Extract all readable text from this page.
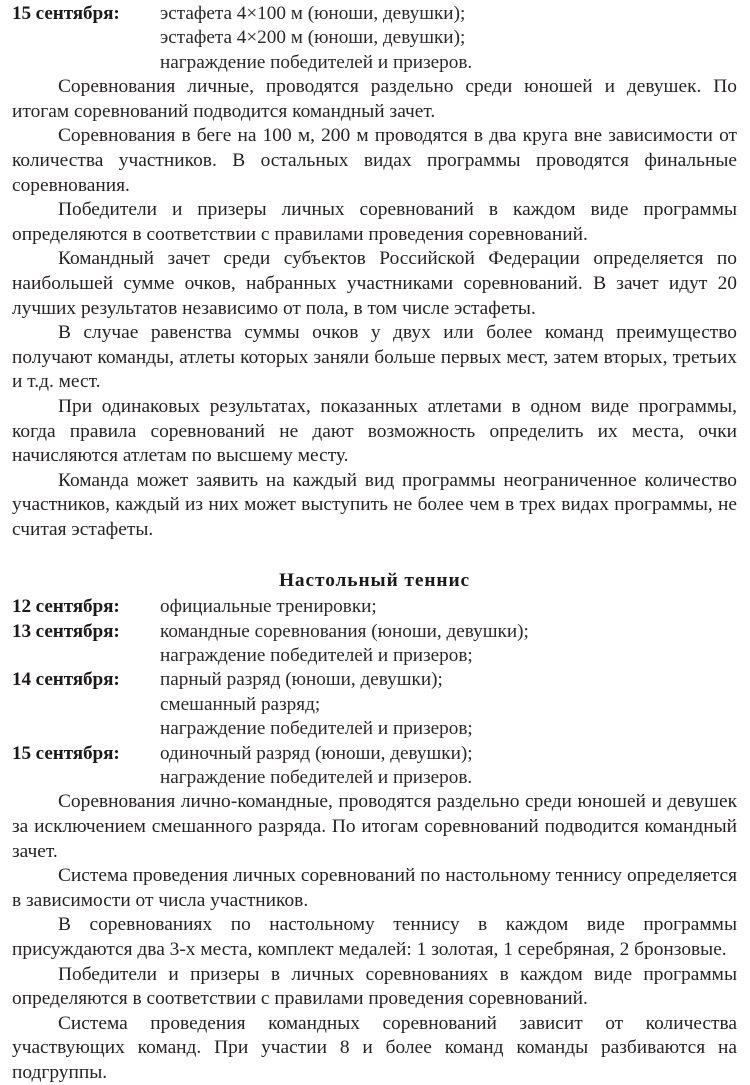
15 сентября:	эстафета 4×100 м (юноши, девушки);
эстафета 4×200 м (юноши, девушки);
награждение победителей и призеров.

Соревнования личные, проводятся раздельно среди юношей и девушек. По итогам соревнований подводится командный зачет.

Соревнования в беге на 100 м, 200 м проводятся в два круга вне зависимости от количества участников. В остальных видах программы проводятся финальные соревнования.

Победители и призеры личных соревнований в каждом виде программы определяются в соответствии с правилами проведения соревнований.

Командный зачет среди субъектов Российской Федерации определяется по наибольшей сумме очков, набранных участниками соревнований. В зачет идут 20 лучших результатов независимо от пола, в том числе эстафеты.

В случае равенства суммы очков у двух или более команд преимущество получают команды, атлеты которых заняли больше первых мест, затем вторых, третьих и т.д. мест.

При одинаковых результатах, показанных атлетами в одном виде программы, когда правила соревнований не дают возможность определить их места, очки начисляются атлетам по высшему месту.

Команда может заявить на каждый вид программы неограниченное количество участников, каждый из них может выступить не более чем в трех видах программы, не считая эстафеты.

Настольный теннис
12 сентября:	официальные тренировки;

13 сентября:	командные соревнования (юноши, девушки);
награждение победителей и призеров;

14 сентября:	парный разряд (юноши, девушки);
смешанный разряд;
награждение победителей и призеров;

15 сентября:	одиночный разряд (юноши, девушки);
награждение победителей и призеров.

Соревнования лично-командные, проводятся раздельно среди юношей и девушек за исключением смешанного разряда. По итогам соревнований подводится командный зачет.

Система проведения личных соревнований по настольному теннису определяется в зависимости от числа участников.

В соревнованиях по настольному теннису в каждом виде программы присуждаются два 3-х места, комплект медалей: 1 золотая, 1 серебряная, 2 бронзовые.

Победители и призеры в личных соревнованиях в каждом виде программы определяются в соответствии с правилами проведения соревнований.

Система проведения командных соревнований зависит от количества участвующих команд. При участии 8 и более команд команды разбиваются на подгруппы.
